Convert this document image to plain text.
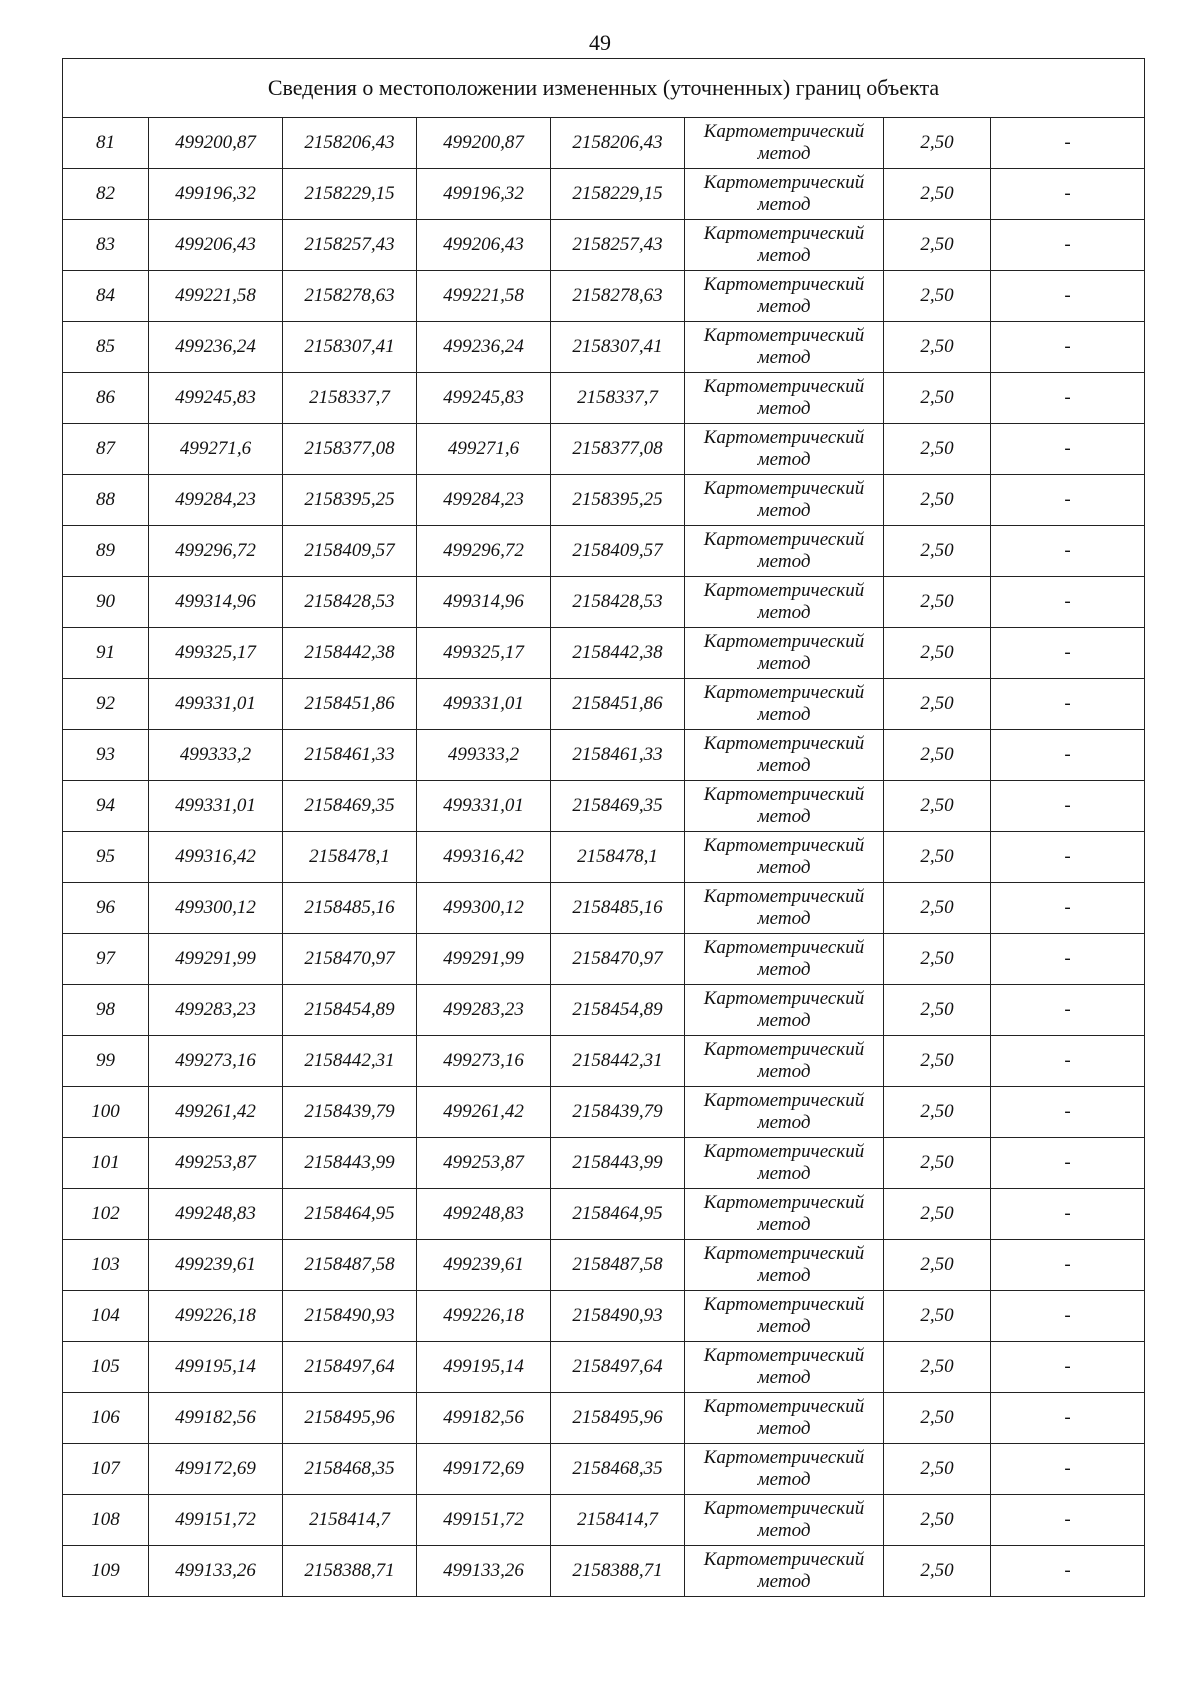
49
Сведения о местоположении измененных (уточненных) границ объекта							
81	499200,87	2158206,43	499200,87	2158206,43	Картометрический
метод	2,50	-
82	499196,32	2158229,15	499196,32	2158229,15	Картометрический
метод	2,50	-
83	499206,43	2158257,43	499206,43	2158257,43	Картометрический
метод	2,50	-
84	499221,58	2158278,63	499221,58	2158278,63	Картометрический
метод	2,50	-
85	499236,24	2158307,41	499236,24	2158307,41	Картометрический
метод	2,50	-
86	499245,83	2158337,7	499245,83	2158337,7	Картометрический
метод	2,50	-
87	499271,6	2158377,08	499271,6	2158377,08	Картометрический
метод	2,50	-
88	499284,23	2158395,25	499284,23	2158395,25	Картометрический
метод	2,50	-
89	499296,72	2158409,57	499296,72	2158409,57	Картометрический
метод	2,50	-
90	499314,96	2158428,53	499314,96	2158428,53	Картометрический
метод	2,50	-
91	499325,17	2158442,38	499325,17	2158442,38	Картометрический
метод	2,50	-
92	499331,01	2158451,86	499331,01	2158451,86	Картометрический
метод	2,50	-
93	499333,2	2158461,33	499333,2	2158461,33	Картометрический
метод	2,50	-
94	499331,01	2158469,35	499331,01	2158469,35	Картометрический
метод	2,50	-
95	499316,42	2158478,1	499316,42	2158478,1	Картометрический
метод	2,50	-
96	499300,12	2158485,16	499300,12	2158485,16	Картометрический
метод	2,50	-
97	499291,99	2158470,97	499291,99	2158470,97	Картометрический
метод	2,50	-
98	499283,23	2158454,89	499283,23	2158454,89	Картометрический
метод	2,50	-
99	499273,16	2158442,31	499273,16	2158442,31	Картометрический
метод	2,50	-
100	499261,42	2158439,79	499261,42	2158439,79	Картометрический
метод	2,50	-
101	499253,87	2158443,99	499253,87	2158443,99	Картометрический
метод	2,50	-
102	499248,83	2158464,95	499248,83	2158464,95	Картометрический
метод	2,50	-
103	499239,61	2158487,58	499239,61	2158487,58	Картометрический
метод	2,50	-
104	499226,18	2158490,93	499226,18	2158490,93	Картометрический
метод	2,50	-
105	499195,14	2158497,64	499195,14	2158497,64	Картометрический
метод	2,50	-
106	499182,56	2158495,96	499182,56	2158495,96	Картометрический
метод	2,50	-
107	499172,69	2158468,35	499172,69	2158468,35	Картометрический
метод	2,50	-
108	499151,72	2158414,7	499151,72	2158414,7	Картометрический
метод	2,50	-
109	499133,26	2158388,71	499133,26	2158388,71	Картометрический
метод	2,50	-
